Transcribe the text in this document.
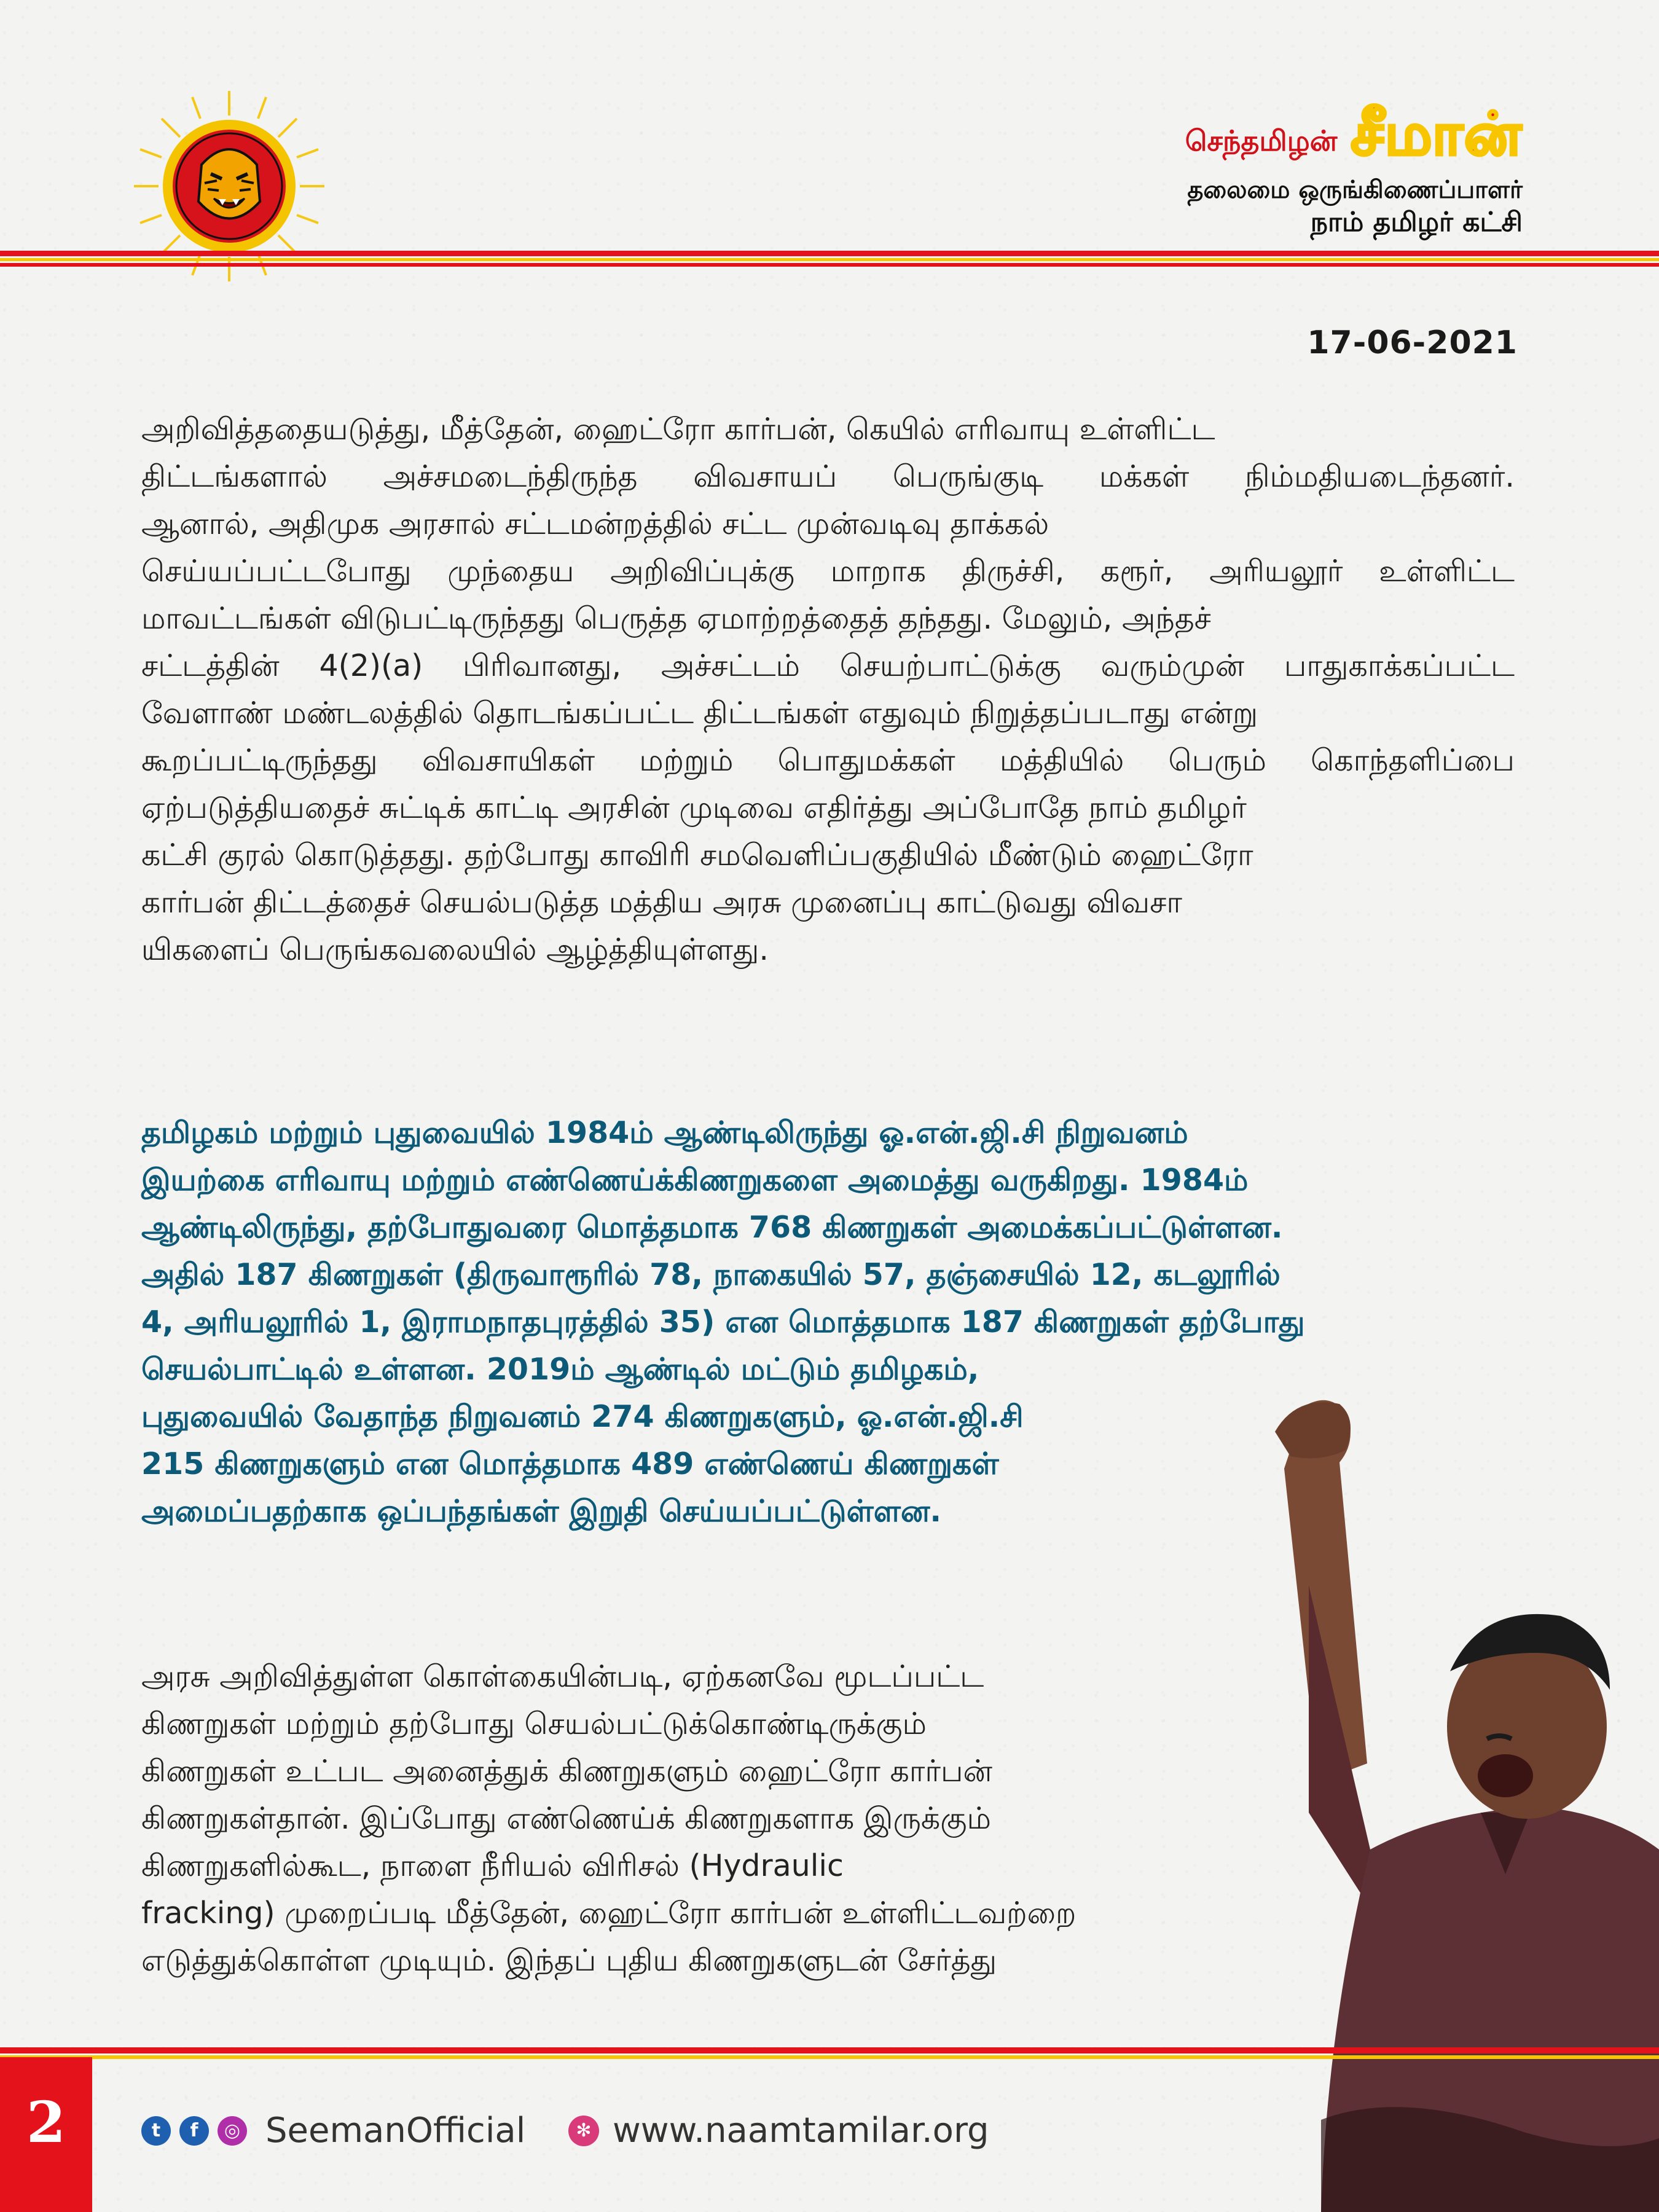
செந்தமிழன் சீமான்
தலைமை ஒருங்கிணைப்பாளர்
நாம் தமிழர் கட்சி
17-06-2021
அறிவித்ததையடுத்து, மீத்தேன், ஹைட்ரோ கார்பன், கெயில் எரிவாயு உள்ளிட்ட
திட்டங்களால் அச்சமடைந்திருந்த விவசாயப் பெருங்குடி மக்கள் நிம்மதியடைந்தனர்.
ஆனால், அதிமுக அரசால் சட்டமன்றத்தில் சட்ட முன்வடிவு தாக்கல்
செய்யப்பட்டபோது முந்தைய அறிவிப்புக்கு மாறாக திருச்சி, கரூர், அரியலூர் உள்ளிட்ட
மாவட்டங்கள் விடுபட்டிருந்தது பெருத்த ஏமாற்றத்தைத் தந்தது. மேலும், அந்தச்
சட்டத்தின் 4(2)(a) பிரிவானது, அச்சட்டம் செயற்பாட்டுக்கு வரும்முன் பாதுகாக்கப்பட்ட
வேளாண் மண்டலத்தில் தொடங்கப்பட்ட திட்டங்கள் எதுவும் நிறுத்தப்படாது என்று
கூறப்பட்டிருந்தது விவசாயிகள் மற்றும் பொதுமக்கள் மத்தியில் பெரும் கொந்தளிப்பை
ஏற்படுத்தியதைச் சுட்டிக் காட்டி அரசின் முடிவை எதிர்த்து அப்போதே நாம் தமிழர்
கட்சி குரல் கொடுத்தது. தற்போது காவிரி சமவெளிப்பகுதியில் மீண்டும் ஹைட்ரோ
கார்பன் திட்டத்தைச் செயல்படுத்த மத்திய அரசு முனைப்பு காட்டுவது விவசா
யிகளைப் பெருங்கவலையில் ஆழ்த்தியுள்ளது.
தமிழகம் மற்றும் புதுவையில் 1984ம் ஆண்டிலிருந்து ஓ.என்.ஜி.சி நிறுவனம்
இயற்கை எரிவாயு மற்றும் எண்ணெய்க்கிணறுகளை அமைத்து வருகிறது. 1984ம்
ஆண்டிலிருந்து, தற்போதுவரை மொத்தமாக 768 கிணறுகள் அமைக்கப்பட்டுள்ளன.
அதில் 187 கிணறுகள் (திருவாரூரில் 78, நாகையில் 57, தஞ்சையில் 12, கடலூரில்
4, அரியலூரில் 1, இராமநாதபுரத்தில் 35) என மொத்தமாக 187 கிணறுகள் தற்போது
செயல்பாட்டில் உள்ளன. 2019ம் ஆண்டில் மட்டும் தமிழகம்,
புதுவையில் வேதாந்த நிறுவனம் 274 கிணறுகளும், ஓ.என்.ஜி.சி
215 கிணறுகளும் என மொத்தமாக 489 எண்ணெய் கிணறுகள்
அமைப்பதற்காக ஒப்பந்தங்கள் இறுதி செய்யப்பட்டுள்ளன.
அரசு அறிவித்துள்ள கொள்கையின்படி, ஏற்கனவே மூடப்பட்ட
கிணறுகள் மற்றும் தற்போது செயல்பட்டுக்கொண்டிருக்கும்
கிணறுகள் உட்பட அனைத்துக் கிணறுகளும் ஹைட்ரோ கார்பன்
கிணறுகள்தான். இப்போது எண்ணெய்க் கிணறுகளாக இருக்கும்
கிணறுகளில்கூட, நாளை நீரியல் விரிசல் (Hydraulic
fracking) முறைப்படி மீத்தேன், ஹைட்ரோ கார்பன் உள்ளிட்டவற்றை
எடுத்துக்கொள்ள முடியும். இந்தப் புதிய கிணறுகளுடன் சேர்த்து
2	t	f	◎ SeemanOfficial	✻ www.naamtamilar.org
